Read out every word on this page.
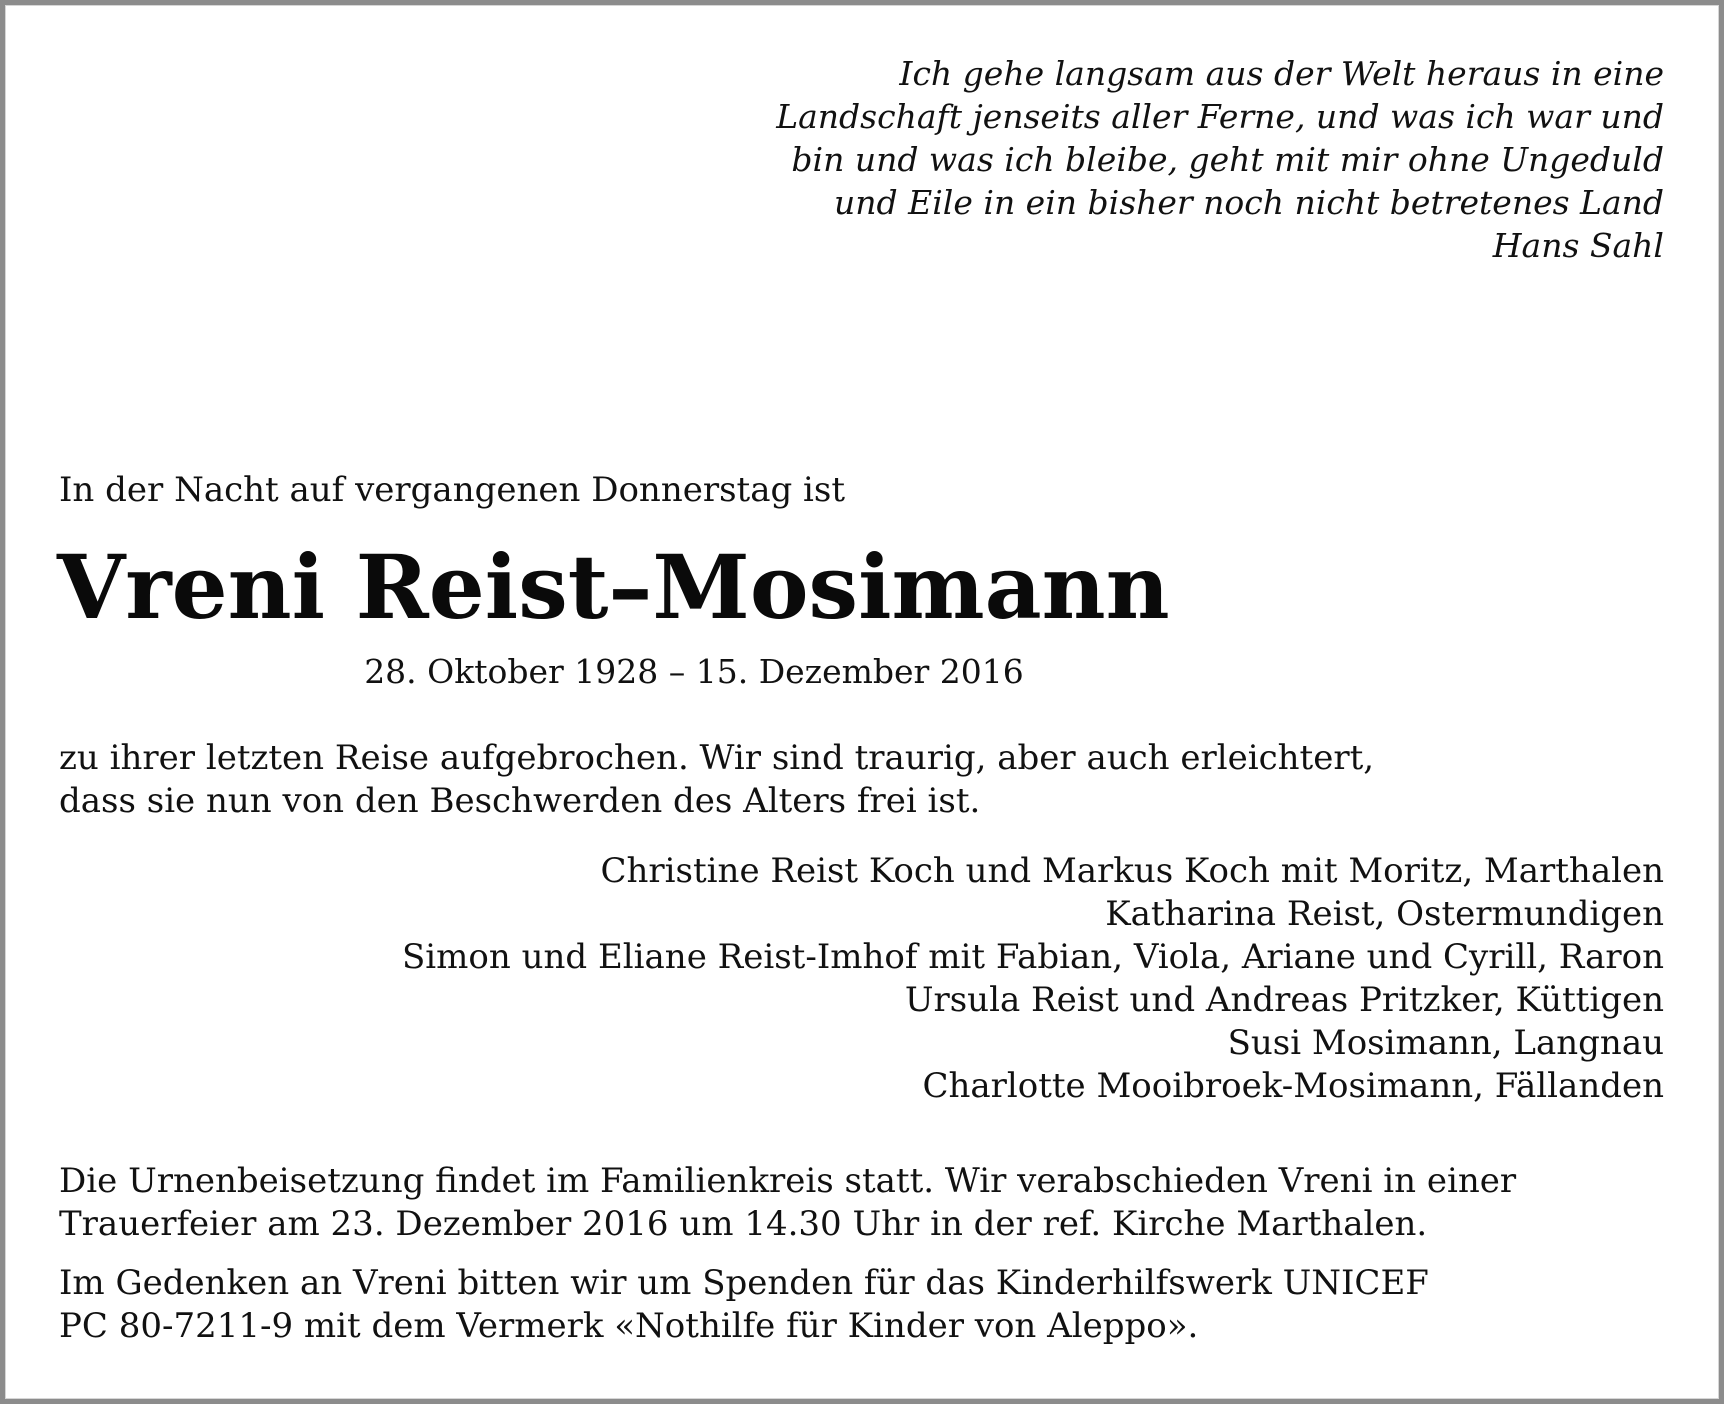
Ich gehe langsam aus der Welt heraus in eine
Landschaft jenseits aller Ferne, und was ich war und
bin und was ich bleibe, geht mit mir ohne Ungeduld
und Eile in ein bisher noch nicht betretenes Land
Hans Sahl
In der Nacht auf vergangenen Donnerstag ist
Vreni Reist–Mosimann
28. Oktober 1928 – 15. Dezember 2016
zu ihrer letzten Reise aufgebrochen. Wir sind traurig, aber auch erleichtert,
dass sie nun von den Beschwerden des Alters frei ist.
Christine Reist Koch und Markus Koch mit Moritz, Marthalen
Katharina Reist, Ostermundigen
Simon und Eliane Reist-Imhof mit Fabian, Viola, Ariane und Cyrill, Raron
Ursula Reist und Andreas Pritzker, Küttigen
Susi Mosimann, Langnau
Charlotte Mooibroek-Mosimann, Fällanden
Die Urnenbeisetzung findet im Familienkreis statt. Wir verabschieden Vreni in einer
Trauerfeier am 23. Dezember 2016 um 14.30 Uhr in der ref. Kirche Marthalen.
Im Gedenken an Vreni bitten wir um Spenden für das Kinderhilfswerk UNICEF
PC 80-7211-9 mit dem Vermerk «Nothilfe für Kinder von Aleppo».
